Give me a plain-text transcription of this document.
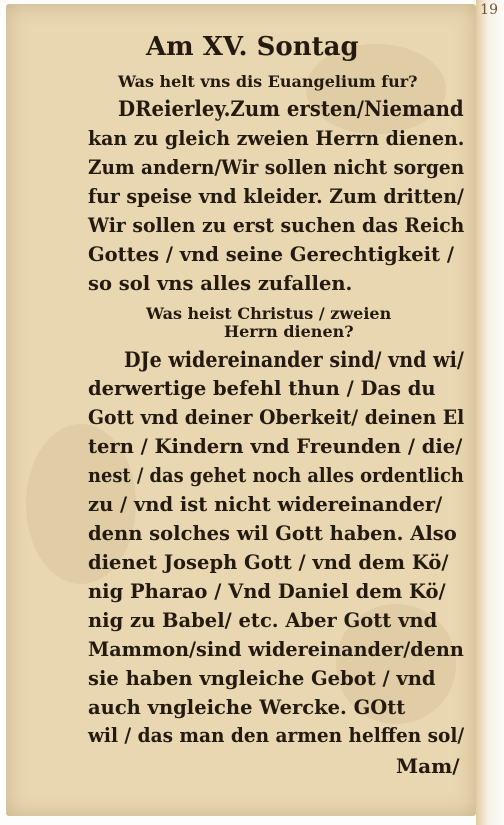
Am XV. Sontag

Was helt vns dis Euangelium fur?

DReierley.Zum ersten/Niemand

kan zu gleich zweien Herrn dienen.

Zum andern/Wir sollen nicht sorgen

fur speise vnd kleider. Zum dritten/

Wir sollen zu erst suchen das Reich

Gottes / vnd seine Gerechtigkeit /

so sol vns alles zufallen.

Was heist Christus / zweien

Herrn dienen?

DJe widereinander sind/ vnd wi/

derwertige befehl thun / Das du

Gott vnd deiner Oberkeit/ deinen El

tern / Kindern vnd Freunden / die/

nest / das gehet noch alles ordentlich

zu / vnd ist nicht widereinander/

denn solches wil Gott haben. Also

dienet Joseph Gott / vnd dem Kö/

nig Pharao / Vnd Daniel dem Kö/

nig zu Babel/ etc. Aber Gott vnd

Mammon/sind widereinander/denn

sie haben vngleiche Gebot / vnd

auch vngleiche Wercke. GOtt

wil / das man den armen helffen sol/

Mam/

19
